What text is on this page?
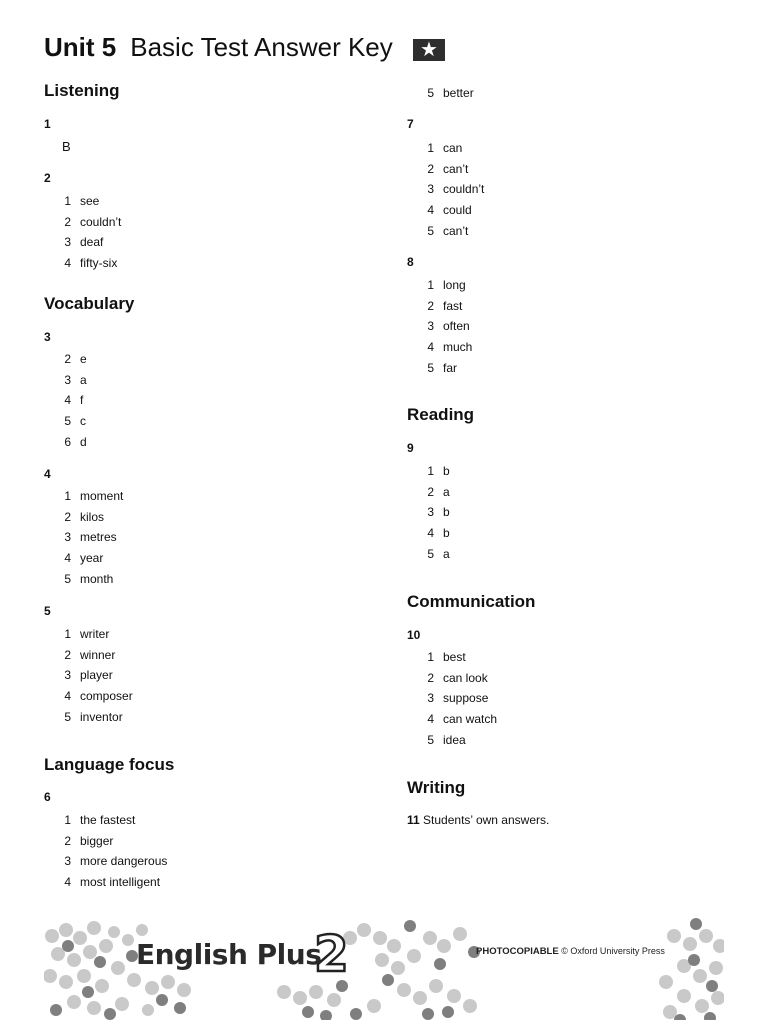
Unit 5 Basic Test Answer Key	★
Listening
1
B
2
1 see
2 couldn’t
3 deaf
4 fifty-six
Vocabulary
3
2 e
3 a
4 f
5 c
6 d
4
1 moment
2 kilos
3 metres
4 year
5 month
5
1 writer
2 winner
3 player
4 composer
5 inventor
Language focus
6
1 the fastest
2 bigger
3 more dangerous
4 most intelligent
5 better
7
1 can
2 can’t
3 couldn’t
4 could
5 can’t
8
1 long
2 fast
3 often
4 much
5 far
Reading
9
1 b
2 a
3 b
4 b
5 a
Communication
10
1 best
2 can look
3 suppose
4 can watch
5 idea
Writing
11 Students’ own answers.
English Plus
2	PHOTOCOPIABLE © Oxford University Press
